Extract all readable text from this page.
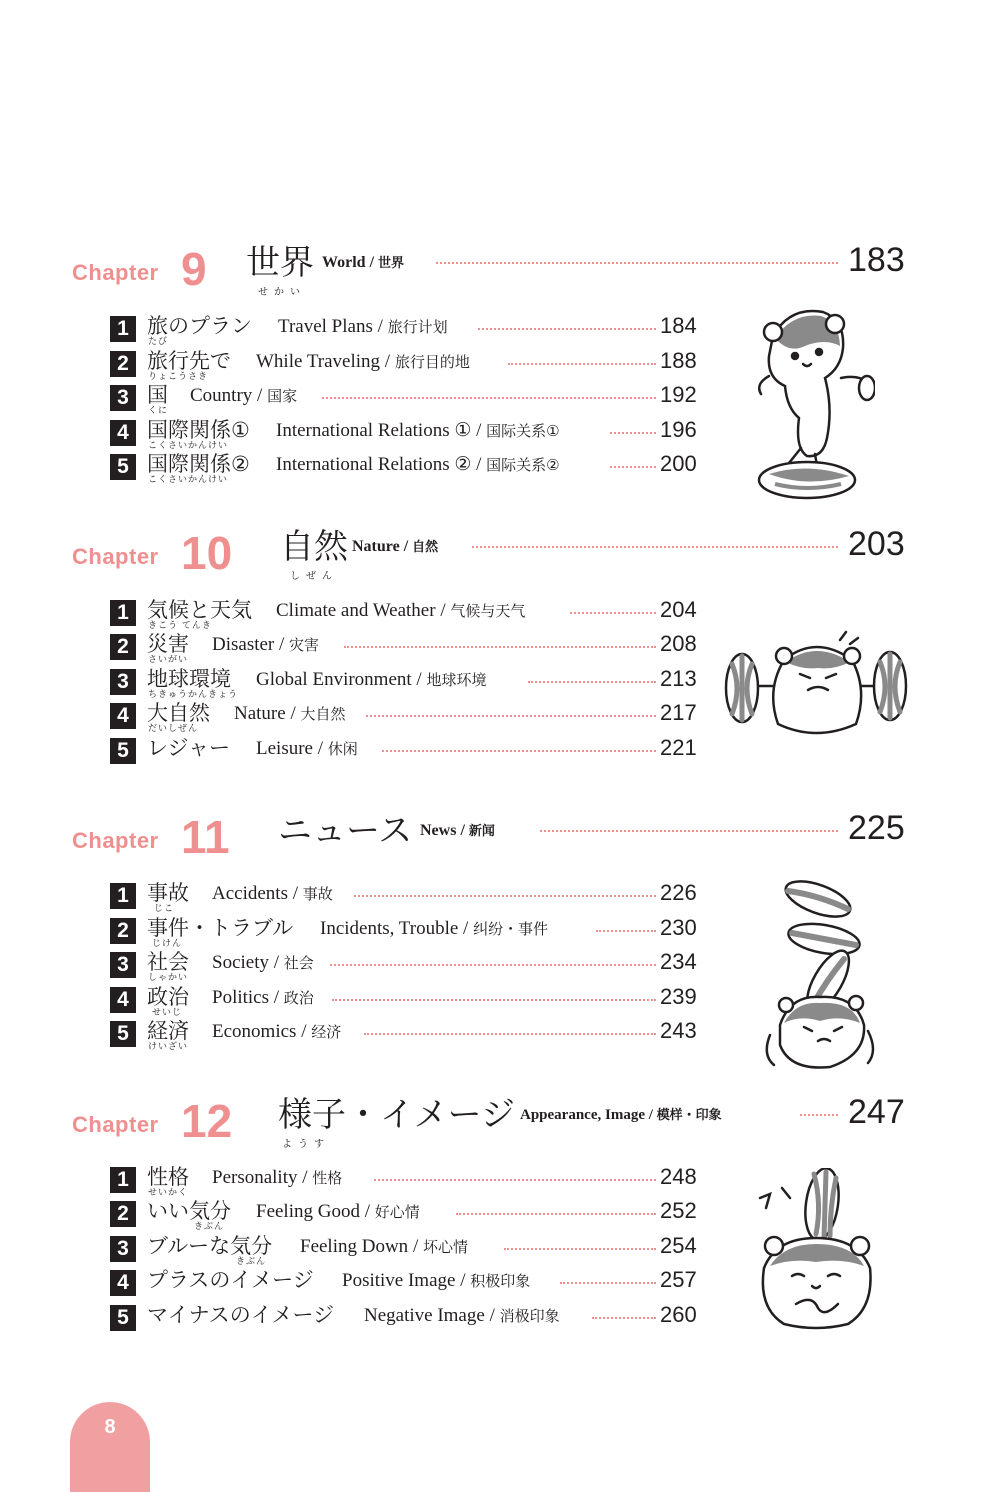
Chapter 9 世界
せかい
World / 世界	183
1 旅のプラン
たび
Travel Plans / 旅行计划	184
2 旅行先で
りょこうさき
While Traveling / 旅行目的地	188
3 国
くに
Country / 国家	192
4 国際関係①
こくさいかんけい
International Relations ① / 国际关系①	196
5 国際関係②
こくさいかんけい
International Relations ② / 国际关系②	200
Chapter 10 自然
しぜん
Nature / 自然	203
1 気候と天気
きこう てんき
Climate and Weather / 气候与天气	204
2 災害
さいがい
Disaster / 灾害	208
3 地球環境
ちきゅうかんきょう
Global Environment / 地球环境	213
4 大自然
だいしぜん
Nature / 大自然	217
5 レジャー Leisure / 休闲	221
Chapter 11 ニュース News / 新闻	225
1 事故
じこ
Accidents / 事故	226
2 事件・トラブル
じけん
Incidents, Trouble / 纠纷・事件	230
3 社会
しゃかい
Society / 社会	234
4 政治
せいじ
Politics / 政治	239
5 経済
けいざい
Economics / 经济	243
Chapter 12 様子・イメージ
ようす
Appearance, Image / 模样・印象	247
1 性格
せいかく
Personality / 性格	248
2 いい気分
きぶん
Feeling Good / 好心情	252
3 ブルーな気分
きぶん
Feeling Down / 坏心情	254
4 プラスのイメージ Positive Image / 积极印象	257
5 マイナスのイメージ Negative Image / 消极印象	260
8
